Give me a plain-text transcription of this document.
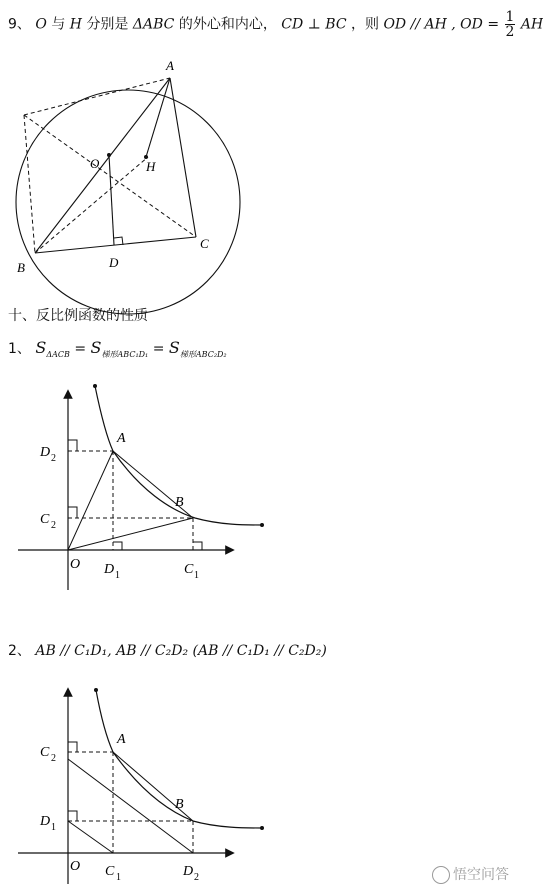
9、 O 与 H 分别是 ΔABC 的外心和内心， CD ⊥ BC ，则 OD // AH , OD = $\frac{1}{2}$ AH
A
B
C
D
O	H
十、反比例函数的性质
1、 $S_{\Delta ACB} = S_{梯形ABC_1D_1} = S_{梯形ABC_2D_2}$
A
B
O D 1	C 1
D 2
C 2
2、 AB // C₁D₁, AB // C₂D₂ (AB // C₁D₁ // C₂D₂)
A
B
O C 1	D 2
C 2
D 1
悟空问答
